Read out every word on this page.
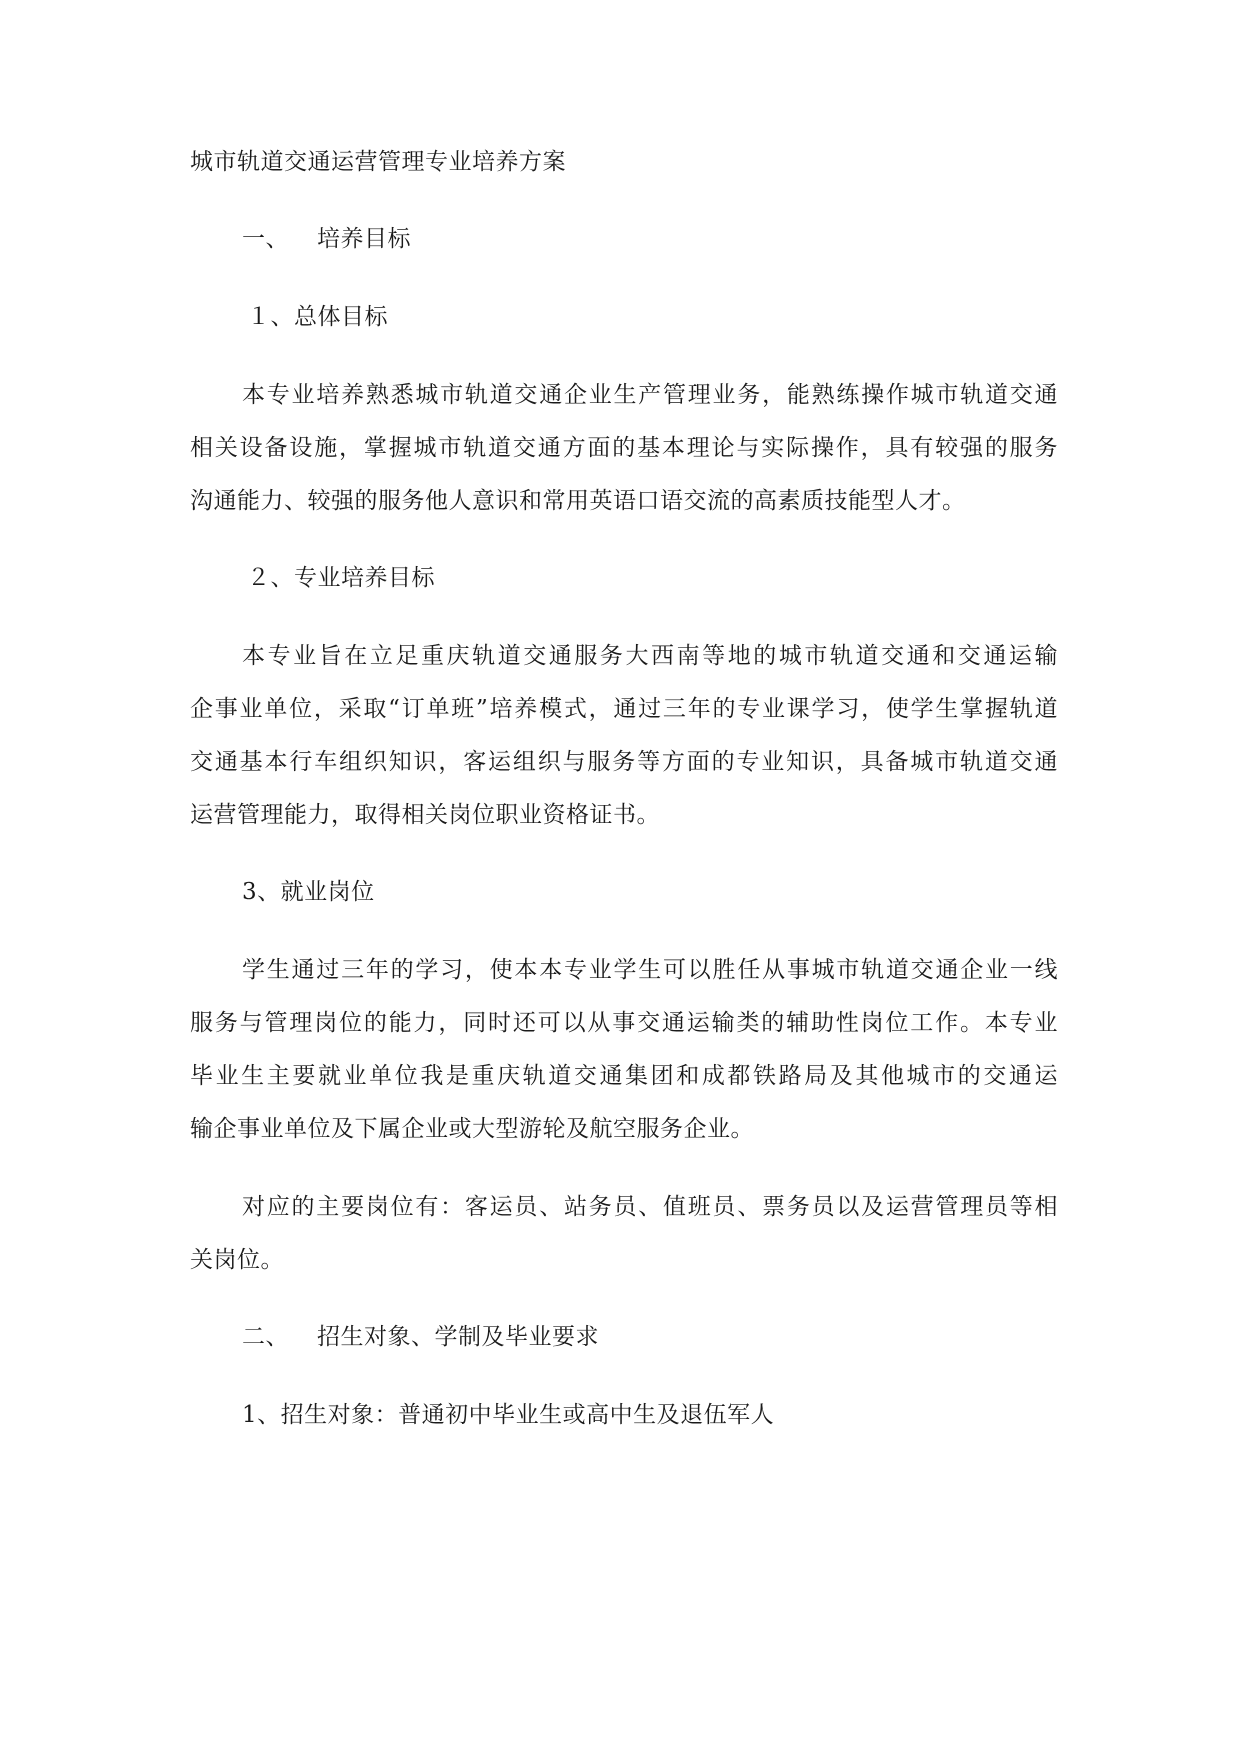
城市轨道交通运营管理专业培养方案
一、 培养目标
１、总体目标
本专业培养熟悉城市轨道交通企业生产管理业务，能熟练操作城市轨道交通
相关设备设施，掌握城市轨道交通方面的基本理论与实际操作，具有较强的服务
沟通能力、较强的服务他人意识和常用英语口语交流的高素质技能型人才。
２、专业培养目标
本专业旨在立足重庆轨道交通服务大西南等地的城市轨道交通和交通运输
企事业单位，采取“订单班”培养模式，通过三年的专业课学习，使学生掌握轨道
交通基本行车组织知识，客运组织与服务等方面的专业知识，具备城市轨道交通
运营管理能力，取得相关岗位职业资格证书。
3、就业岗位
学生通过三年的学习，使本本专业学生可以胜任从事城市轨道交通企业一线
服务与管理岗位的能力，同时还可以从事交通运输类的辅助性岗位工作。本专业
毕业生主要就业单位我是重庆轨道交通集团和成都铁路局及其他城市的交通运
输企事业单位及下属企业或大型游轮及航空服务企业。
对应的主要岗位有：客运员、站务员、值班员、票务员以及运营管理员等相
关岗位。
二、 招生对象、学制及毕业要求
1、招生对象：普通初中毕业生或高中生及退伍军人
